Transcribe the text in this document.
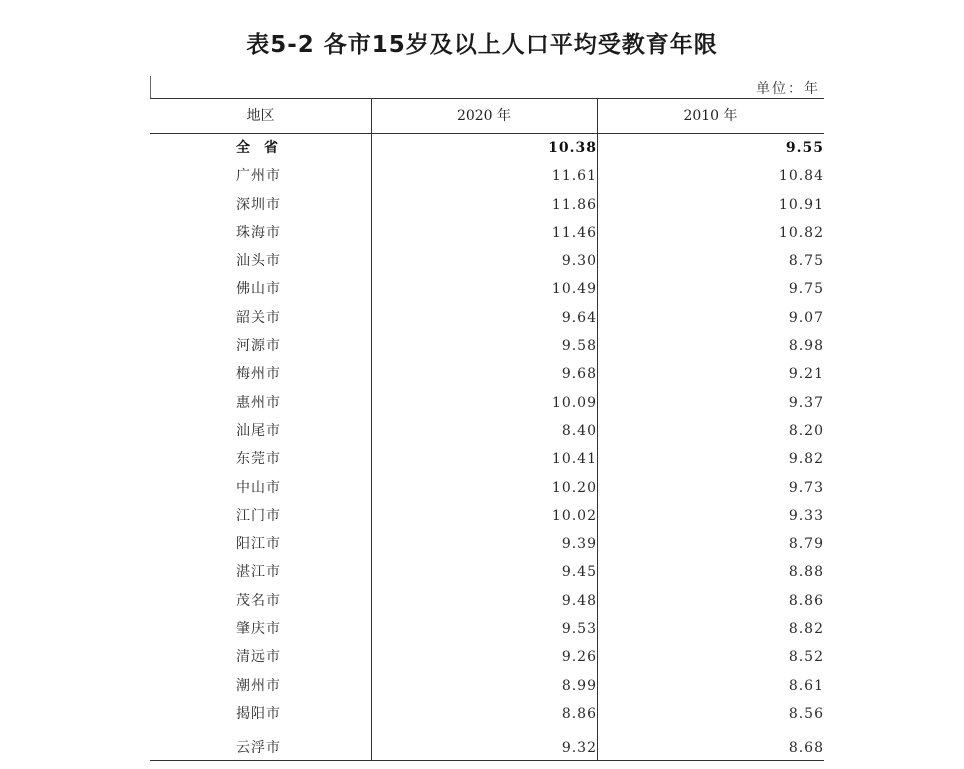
表5-2 各市15岁及以上人口平均受教育年限
单位：年
地区	2020 年	2010 年
全省	10.38	9.55
广州市	11.61	10.84
深圳市	11.86	10.91
珠海市	11.46	10.82
汕头市	9.30	8.75
佛山市	10.49	9.75
韶关市	9.64	9.07
河源市	9.58	8.98
梅州市	9.68	9.21
惠州市	10.09	9.37
汕尾市	8.40	8.20
东莞市	10.41	9.82
中山市	10.20	9.73
江门市	10.02	9.33
阳江市	9.39	8.79
湛江市	9.45	8.88
茂名市	9.48	8.86
肇庆市	9.53	8.82
清远市	9.26	8.52
潮州市	8.99	8.61
揭阳市	8.86	8.56
云浮市	9.32	8.68
